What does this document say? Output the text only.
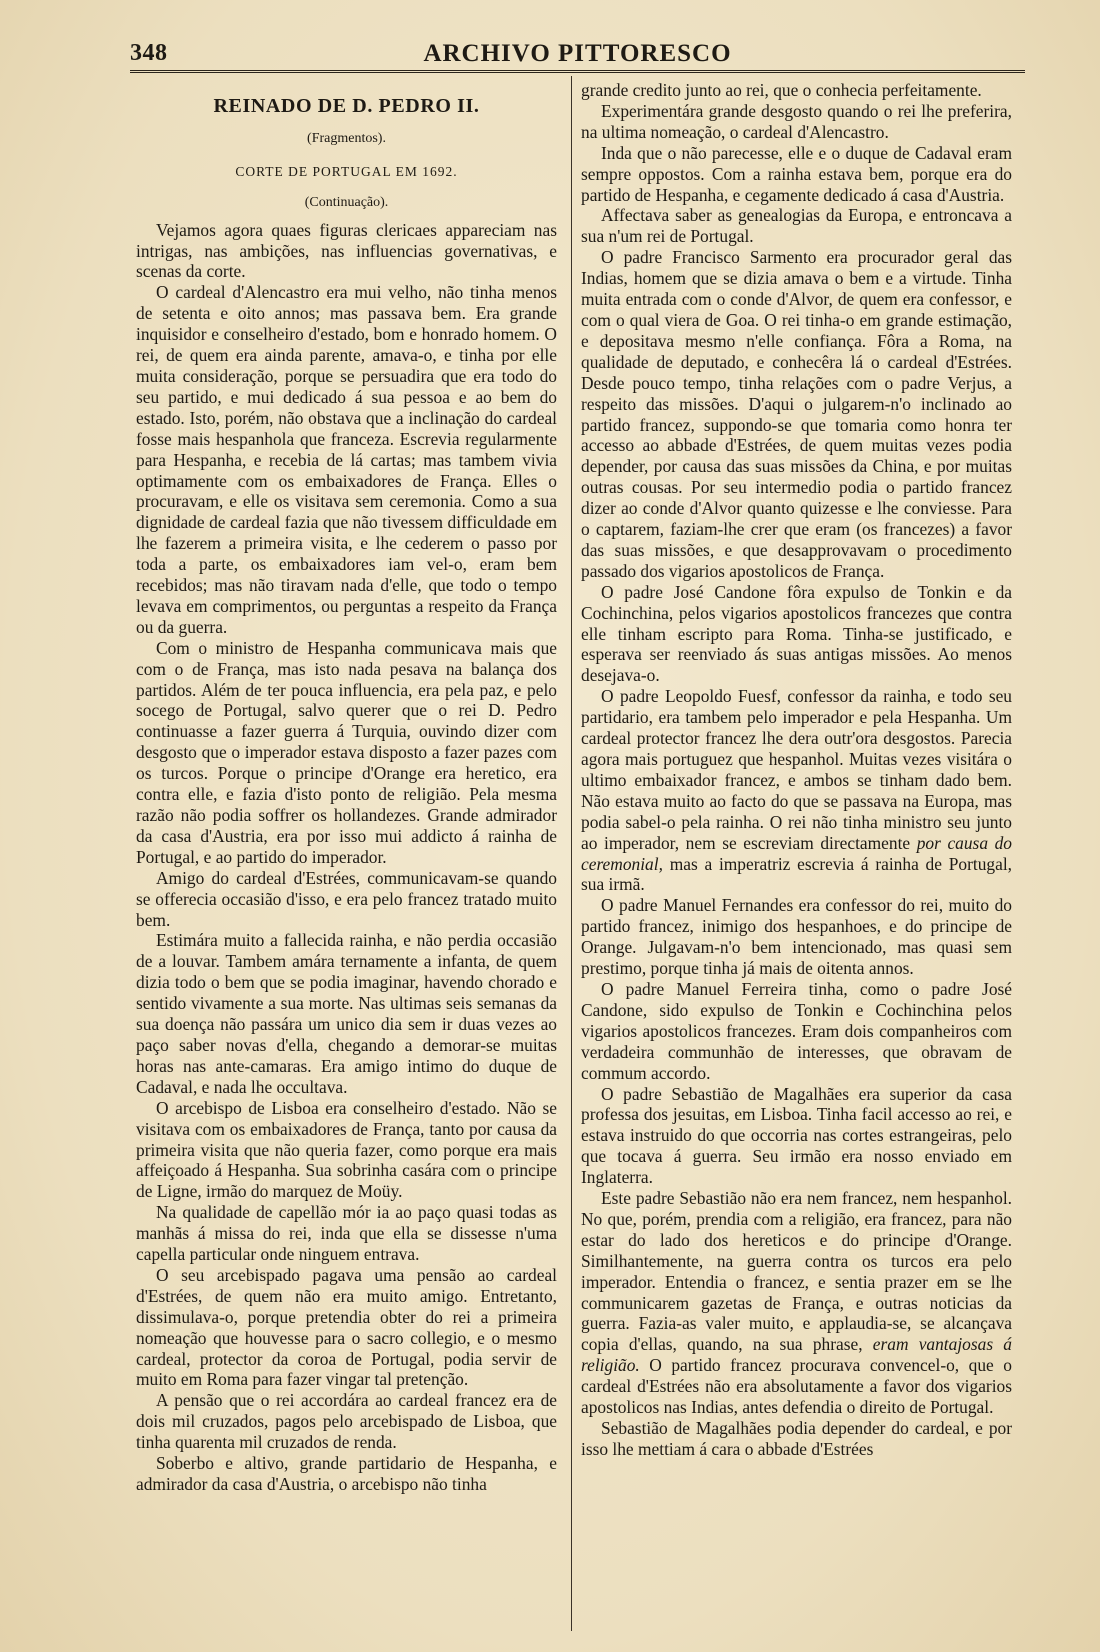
348	ARCHIVO PITTORESCO
REINADO DE D. PEDRO II.
(Fragmentos).
CORTE DE PORTUGAL EM 1692.
(Continuação).

Vejamos agora quaes figuras clericaes appareciam nas intrigas, nas ambições, nas influencias governativas, e scenas da corte.

O cardeal d'Alencastro era mui velho, não tinha menos de setenta e oito annos; mas passava bem. Era grande inquisidor e conselheiro d'estado, bom e honrado homem. O rei, de quem era ainda parente, amava-o, e tinha por elle muita consideração, porque se persuadira que era todo do seu partido, e mui dedicado á sua pessoa e ao bem do estado. Isto, porém, não obstava que a inclinação do cardeal fosse mais hespanhola que franceza. Escrevia regularmente para Hespanha, e recebia de lá cartas; mas tambem vivia optimamente com os embaixadores de França. Elles o procuravam, e elle os visitava sem ceremonia. Como a sua dignidade de cardeal fazia que não tivessem difficuldade em lhe fazerem a primeira visita, e lhe cederem o passo por toda a parte, os embaixadores iam vel-o, eram bem recebidos; mas não tiravam nada d'elle, que todo o tempo levava em comprimentos, ou perguntas a respeito da França ou da guerra.

Com o ministro de Hespanha communicava mais que com o de França, mas isto nada pesava na balança dos partidos. Além de ter pouca influencia, era pela paz, e pelo socego de Portugal, salvo querer que o rei D. Pedro continuasse a fazer guerra á Turquia, ouvindo dizer com desgosto que o imperador estava disposto a fazer pazes com os turcos. Porque o principe d'Orange era heretico, era contra elle, e fazia d'isto ponto de religião. Pela mesma razão não podia soffrer os hollandezes. Grande admirador da casa d'Austria, era por isso mui addicto á rainha de Portugal, e ao partido do imperador.

Amigo do cardeal d'Estrées, communicavam-se quando se offerecia occasião d'isso, e era pelo francez tratado muito bem.

Estimára muito a fallecida rainha, e não perdia occasião de a louvar. Tambem amára ternamente a infanta, de quem dizia todo o bem que se podia imaginar, havendo chorado e sentido vivamente a sua morte. Nas ultimas seis semanas da sua doença não passára um unico dia sem ir duas vezes ao paço saber novas d'ella, chegando a demorar-se muitas horas nas ante-camaras. Era amigo intimo do duque de Cadaval, e nada lhe occultava.

O arcebispo de Lisboa era conselheiro d'estado. Não se visitava com os embaixadores de França, tanto por causa da primeira visita que não queria fazer, como porque era mais affeiçoado á Hespanha. Sua sobrinha casára com o principe de Ligne, irmão do marquez de Moüy.

Na qualidade de capellão mór ia ao paço quasi todas as manhãs á missa do rei, inda que ella se dissesse n'uma capella particular onde ninguem entrava.

O seu arcebispado pagava uma pensão ao cardeal d'Estrées, de quem não era muito amigo. Entretanto, dissimulava-o, porque pretendia obter do rei a primeira nomeação que houvesse para o sacro collegio, e o mesmo cardeal, protector da coroa de Portugal, podia servir de muito em Roma para fazer vingar tal pretenção.

A pensão que o rei accordára ao cardeal francez era de dois mil cruzados, pagos pelo arcebispado de Lisboa, que tinha quarenta mil cruzados de renda.

Soberbo e altivo, grande partidario de Hespanha, e admirador da casa d'Austria, o arcebispo não tinha

grande credito junto ao rei, que o conhecia perfeitamente.

Experimentára grande desgosto quando o rei lhe preferira, na ultima nomeação, o cardeal d'Alencastro.

Inda que o não parecesse, elle e o duque de Cadaval eram sempre oppostos. Com a rainha estava bem, porque era do partido de Hespanha, e cegamente dedicado á casa d'Austria.

Affectava saber as genealogias da Europa, e entroncava a sua n'um rei de Portugal.

O padre Francisco Sarmento era procurador geral das Indias, homem que se dizia amava o bem e a virtude. Tinha muita entrada com o conde d'Alvor, de quem era confessor, e com o qual viera de Goa. O rei tinha-o em grande estimação, e depositava mesmo n'elle confiança. Fôra a Roma, na qualidade de deputado, e conhecêra lá o cardeal d'Estrées. Desde pouco tempo, tinha relações com o padre Verjus, a respeito das missões. D'aqui o julgarem-n'o inclinado ao partido francez, suppondo-se que tomaria como honra ter accesso ao abbade d'Estrées, de quem muitas vezes podia depender, por causa das suas missões da China, e por muitas outras cousas. Por seu intermedio podia o partido francez dizer ao conde d'Alvor quanto quizesse e lhe conviesse. Para o captarem, faziam-lhe crer que eram (os francezes) a favor das suas missões, e que desapprovavam o procedimento passado dos vigarios apostolicos de França.

O padre José Candone fôra expulso de Tonkin e da Cochinchina, pelos vigarios apostolicos francezes que contra elle tinham escripto para Roma. Tinha-se justificado, e esperava ser reenviado ás suas antigas missões. Ao menos desejava-o.

O padre Leopoldo Fuesf, confessor da rainha, e todo seu partidario, era tambem pelo imperador e pela Hespanha. Um cardeal protector francez lhe dera outr'ora desgostos. Parecia agora mais portuguez que hespanhol. Muitas vezes visitára o ultimo embaixador francez, e ambos se tinham dado bem. Não estava muito ao facto do que se passava na Europa, mas podia sabel-o pela rainha. O rei não tinha ministro seu junto ao imperador, nem se escreviam directamente por causa do ceremonial, mas a imperatriz escrevia á rainha de Portugal, sua irmã.

O padre Manuel Fernandes era confessor do rei, muito do partido francez, inimigo dos hespanhoes, e do principe de Orange. Julgavam-n'o bem intencionado, mas quasi sem prestimo, porque tinha já mais de oitenta annos.

O padre Manuel Ferreira tinha, como o padre José Candone, sido expulso de Tonkin e Cochinchina pelos vigarios apostolicos francezes. Eram dois companheiros com verdadeira communhão de interesses, que obravam de commum accordo.

O padre Sebastião de Magalhães era superior da casa professa dos jesuitas, em Lisboa. Tinha facil accesso ao rei, e estava instruido do que occorria nas cortes estrangeiras, pelo que tocava á guerra. Seu irmão era nosso enviado em Inglaterra.

Este padre Sebastião não era nem francez, nem hespanhol. No que, porém, prendia com a religião, era francez, para não estar do lado dos hereticos e do principe d'Orange. Similhantemente, na guerra contra os turcos era pelo imperador. Entendia o francez, e sentia prazer em se lhe communicarem gazetas de França, e outras noticias da guerra. Fazia-as valer muito, e applaudia-se, se alcançava copia d'ellas, quando, na sua phrase, eram vantajosas á religião. O partido francez procurava convencel-o, que o cardeal d'Estrées não era absolutamente a favor dos vigarios apostolicos nas Indias, antes defendia o direito de Portugal.

Sebastião de Magalhães podia depender do cardeal, e por isso lhe mettiam á cara o abbade d'Estrées
